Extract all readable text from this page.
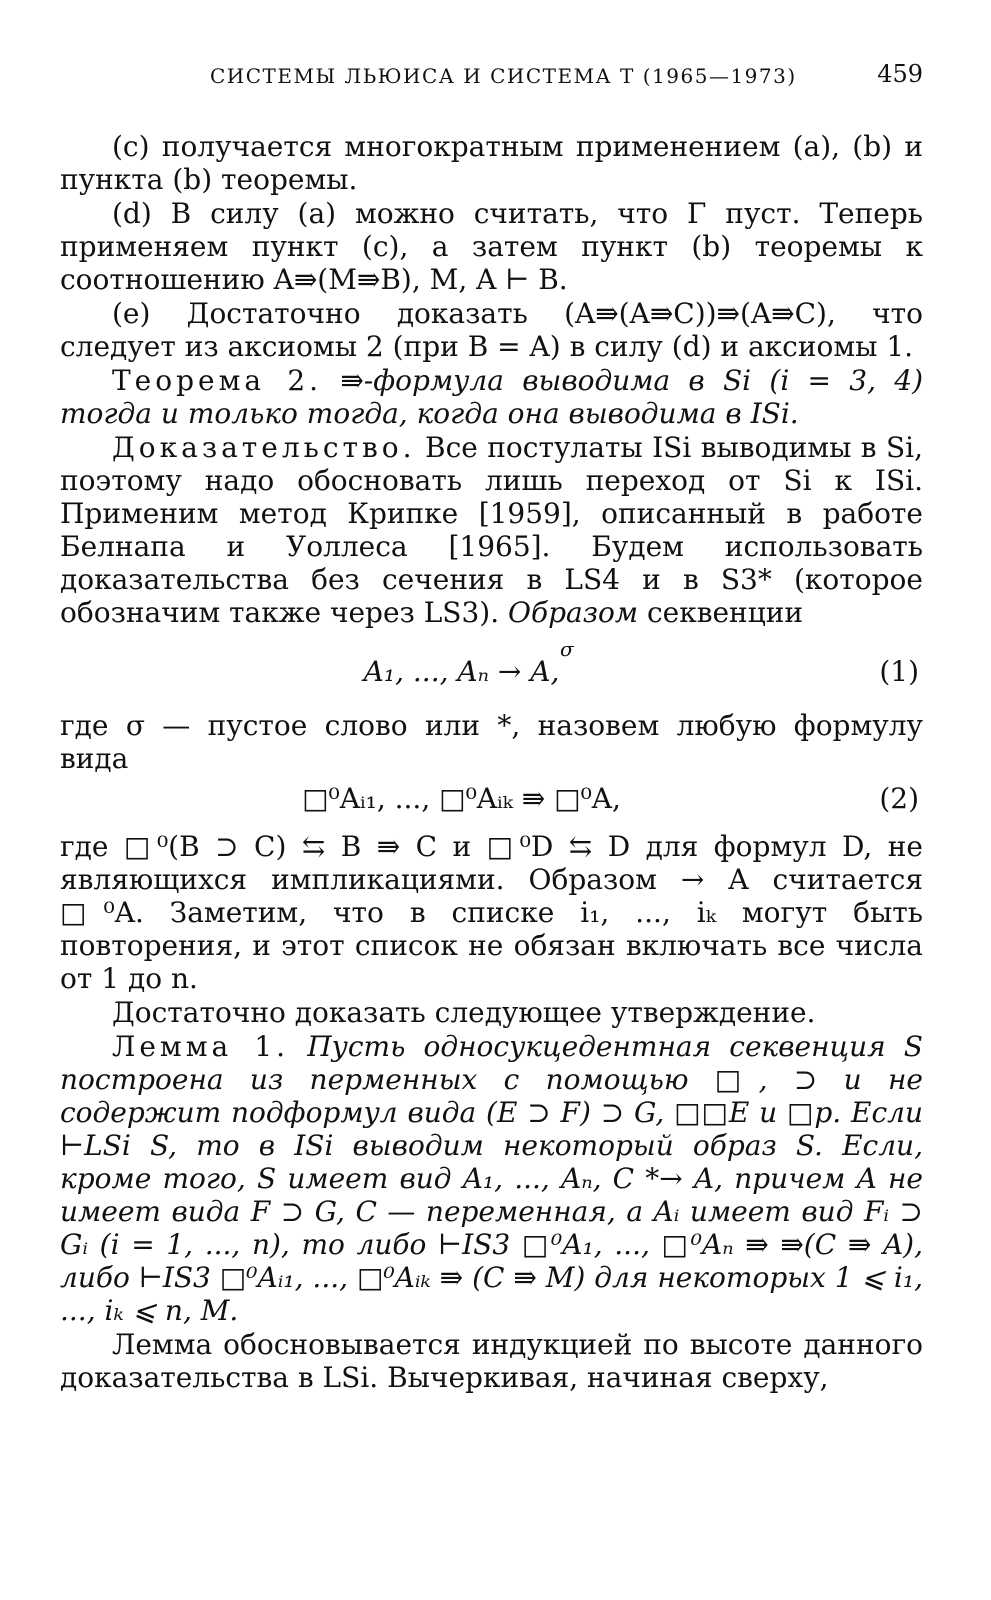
СИСТЕМЫ ЛЬЮИСА И СИСТЕМА T (1965—1973)	459

(c) получается многократным применением (a), (b) и пункта (b) теоремы.

(d) В силу (a) можно считать, что Γ пуст. Теперь применяем пункт (c), а затем пункт (b) теоремы к соотношению A⇛(M⇛B), M, A ⊢ B.

(e) Достаточно доказать (A⇛(A⇛C))⇛(A⇛C), что следует из аксиомы 2 (при B = A) в силу (d) и аксиомы 1.

Теорема 2. ⇛-формула выводима в Si (i = 3, 4) тогда и только тогда, когда она выводима в ISi.

Доказательство. Все постулаты ISi выводимы в Si, поэтому надо обосновать лишь переход от Si к ISi. Применим метод Крипке [1959], описанный в работе Белнапа и Уоллеса [1965]. Будем использовать доказательства без сечения в LS4 и в S3* (которое обозначим также через LS3). Образом секвенции

σ
A₁, ..., Aₙ → A,	(1)

где σ — пустое слово или *, назовем любую формулу вида

□⁰Aᵢ₁, ..., □⁰Aᵢₖ ⇛ □⁰A,	(2)

где □⁰(B ⊃ C) ⇆ B ⇛ C и □⁰D ⇆ D для формул D, не являющихся импликациями. Образом → A считается □⁰A. Заметим, что в списке i₁, ..., iₖ могут быть повторения, и этот список не обязан включать все числа от 1 до n.

Достаточно доказать следующее утверждение.

Лемма 1. Пусть односукцедентная секвенция S построена из перменных с помощью □, ⊃ и не содержит подформул вида (E ⊃ F) ⊃ G, □□E и □p. Если ⊢LSi S, то в ISi выводим некоторый образ S. Если, кроме того, S имеет вид A₁, ..., Aₙ, C *→ A, причем A не имеет вида F ⊃ G, C — переменная, а Aᵢ имеет вид Fᵢ ⊃ Gᵢ (i = 1, ..., n), то либо ⊢IS3 □⁰A₁, ..., □⁰Aₙ ⇛ ⇛(C ⇛ A), либо ⊢IS3 □⁰Aᵢ₁, ..., □⁰Aᵢₖ ⇛ (C ⇛ M) для некоторых 1 ⩽ i₁, ..., iₖ ⩽ n, M.

Лемма обосновывается индукцией по высоте данного доказательства в LSi. Вычеркивая, начиная сверху,
